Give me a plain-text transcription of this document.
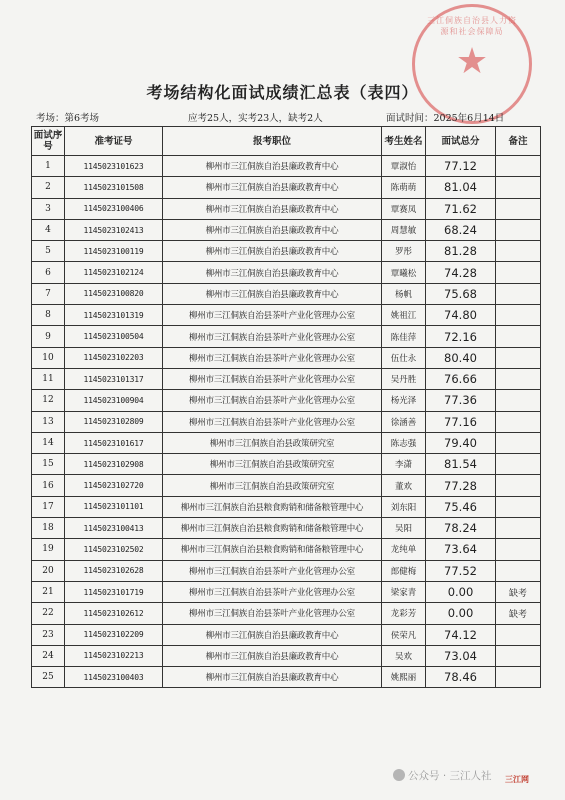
三江侗族自治县人力资源和社会保障局
★
考场结构化面试成绩汇总表（表四）
考场：第6考场	应考25人，实考23人，缺考2人	面试时间：2025年6月14日
面试序号	准考证号	报考职位	考生姓名	面试总分	备注
1	1145023101623	柳州市三江侗族自治县廉政教育中心	覃淑怡	77.12	
2	1145023101508	柳州市三江侗族自治县廉政教育中心	陈萌萌	81.04	
3	1145023100406	柳州市三江侗族自治县廉政教育中心	覃赛凤	71.62	
4	1145023102413	柳州市三江侗族自治县廉政教育中心	周慧敏	68.24	
5	1145023100119	柳州市三江侗族自治县廉政教育中心	罗彤	81.28	
6	1145023102124	柳州市三江侗族自治县廉政教育中心	覃曦松	74.28	
7	1145023100820	柳州市三江侗族自治县廉政教育中心	杨帆	75.68	
8	1145023101319	柳州市三江侗族自治县茶叶产业化管理办公室	姚祖江	74.80	
9	1145023100504	柳州市三江侗族自治县茶叶产业化管理办公室	陈佳萍	72.16	
10	1145023102203	柳州市三江侗族自治县茶叶产业化管理办公室	伍仕永	80.40	
11	1145023101317	柳州市三江侗族自治县茶叶产业化管理办公室	吴丹胜	76.66	
12	1145023100904	柳州市三江侗族自治县茶叶产业化管理办公室	杨光泽	77.36	
13	1145023102809	柳州市三江侗族自治县茶叶产业化管理办公室	徐涵善	77.16	
14	1145023101617	柳州市三江侗族自治县政策研究室	陈志强	79.40	
15	1145023102908	柳州市三江侗族自治县政策研究室	李潇	81.54	
16	1145023102720	柳州市三江侗族自治县政策研究室	董欢	77.28	
17	1145023101101	柳州市三江侗族自治县粮食购销和储备粮管理中心	刘东阳	75.46	
18	1145023100413	柳州市三江侗族自治县粮食购销和储备粮管理中心	吴阳	78.24	
19	1145023102502	柳州市三江侗族自治县粮食购销和储备粮管理中心	龙纯单	73.64	
20	1145023102628	柳州市三江侗族自治县茶叶产业化管理办公室	郎健梅	77.52	
21	1145023101719	柳州市三江侗族自治县茶叶产业化管理办公室	梁家青	0.00	缺考
22	1145023102612	柳州市三江侗族自治县茶叶产业化管理办公室	龙彩芳	0.00	缺考
23	1145023102209	柳州市三江侗族自治县廉政教育中心	侯荣凡	74.12	
24	1145023102213	柳州市三江侗族自治县廉政教育中心	吴欢	73.04	
25	1145023100403	柳州市三江侗族自治县廉政教育中心	姚熙丽	78.46	
公众号 · 三江人社 三江网
